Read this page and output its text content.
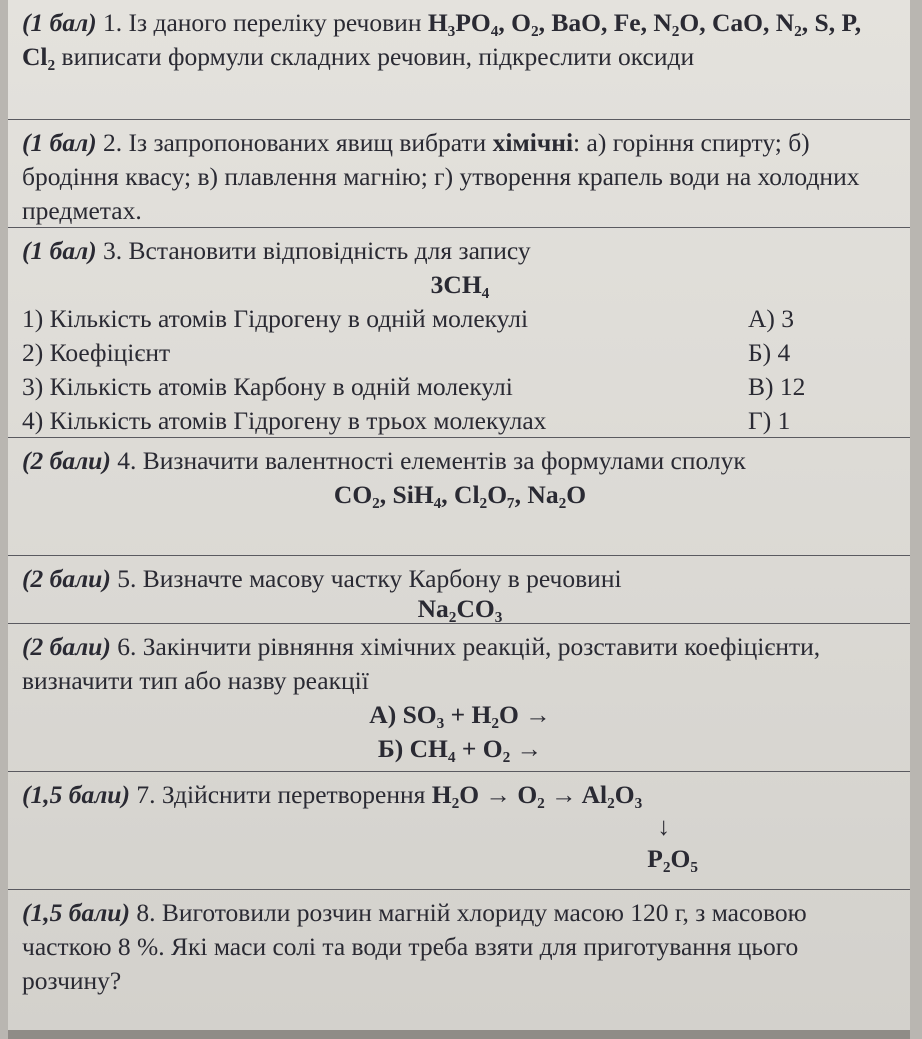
(1 бал) 1. Із даного переліку речовин H₃PO₄, O₂, BaO, Fe, N₂O, CaO, N₂, S, P, Cl₂ виписати формули складних речовин, підкреслити оксиди
(1 бал) 2. Із запропонованих явищ вибрати хімічні: а) горіння спирту; б) бродіння квасу; в) плавлення магнію; г) утворення крапель води на холодних предметах.
(1 бал) 3. Встановити відповідність для запису
3CH₄
1) Кількість атомів Гідрогену в одній молекулі	А) 3
2) Коефіцієнт	Б) 4
3) Кількість атомів Карбону в одній молекулі	В) 12
4) Кількість атомів Гідрогену в трьох молекулах	Г) 1
(2 бали) 4. Визначити валентності елементів за формулами сполук
CO₂, SiH₄, Cl₂O₇, Na₂O
(2 бали) 5. Визначте масову частку Карбону в речовині
Na₂CO₃
(2 бали) 6. Закінчити рівняння хімічних реакцій, розставити коефіцієнти, визначити тип або назву реакції
А) SO₃ + H₂O →
Б) CH₄ + O₂ →
(1,5 бали) 7. Здійснити перетворення H₂O → O₂ → Al₂O₃
↓
P₂O₅
(1,5 бали) 8. Виготовили розчин магній хлориду масою 120 г, з масовою часткою 8 %. Які маси солі та води треба взяти для приготування цього розчину?
